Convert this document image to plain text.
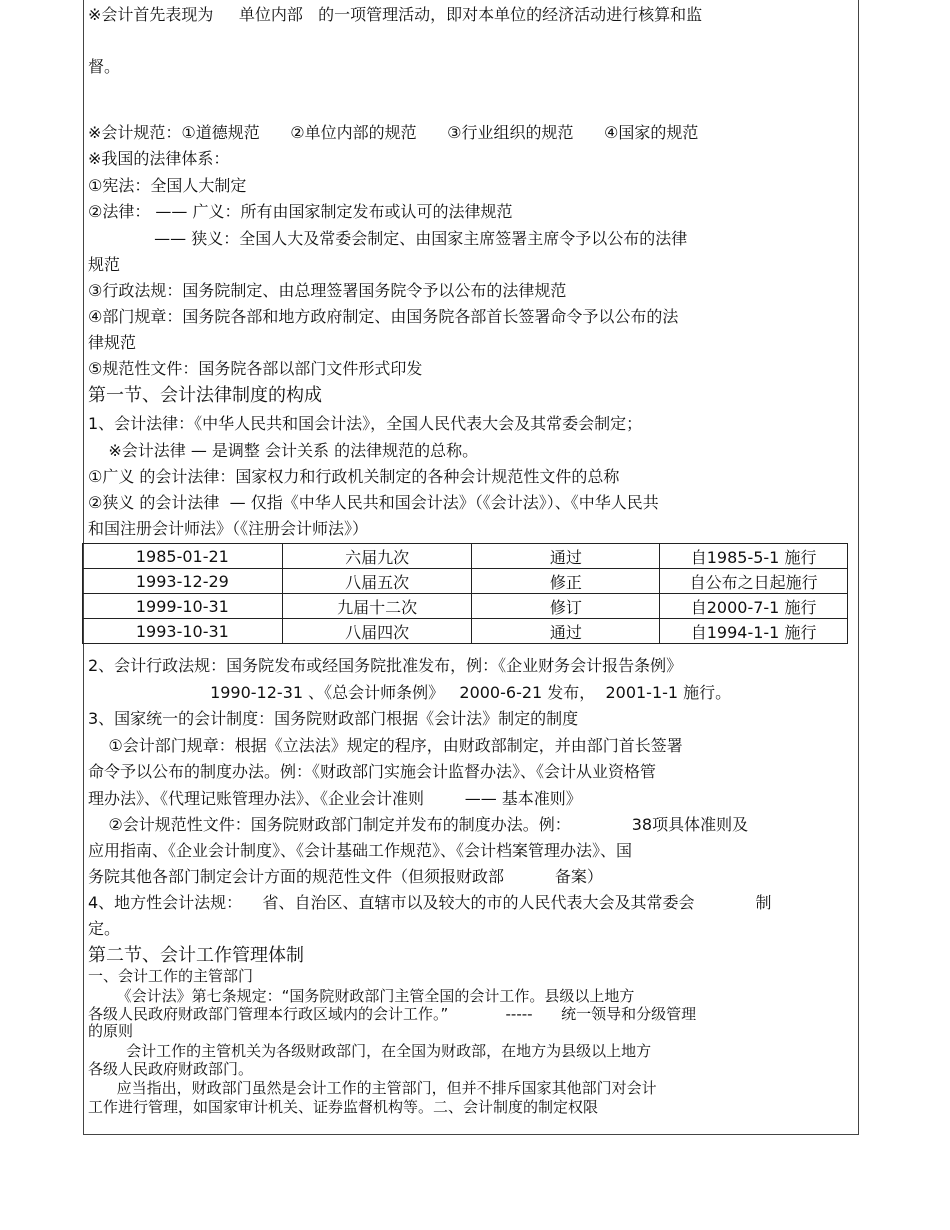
※会计首先表现为     单位内部   的一项管理活动，即对本单位的经济活动进行核算和监
督。
※会计规范：①道德规范      ②单位内部的规范      ③行业组织的规范      ④国家的规范
※我国的法律体系：
①宪法：全国人大制定
②法律： —— 广义：所有由国家制定发布或认可的法律规范
—— 狭义：全国人大及常委会制定、由国家主席签署主席令予以公布的法律
规范
③行政法规：国务院制定、由总理签署国务院令予以公布的法律规范
④部门规章：国务院各部和地方政府制定、由国务院各部首长签署命令予以公布的法
律规范
⑤规范性文件：国务院各部以部门文件形式印发
第一节、会计法律制度的构成
1、会计法律：《中华人民共和国会计法》，全国人民代表大会及其常委会制定；
※会计法律 — 是调整 会计关系 的法律规范的总称。
①广义 的会计法律：国家权力和行政机关制定的各种会计规范性文件的总称
②狭义 的会计法律  — 仅指《中华人民共和国会计法》（《会计法》）、《中华人民共
和国注册会计师法》（《注册会计师法》）
1985-01-21	六届九次	通过	自1985-5-1 施行
1993-12-29	八届五次	修正	自公布之日起施行
1999-10-31	九届十二次	修订	自2000-7-1 施行
1993-10-31	八届四次	通过	自1994-1-1 施行
2、会计行政法规：国务院发布或经国务院批准发布，例：《企业财务会计报告条例》
1990-12-31 、《总会计师条例》   2000-6-21 发布，  2001-1-1 施行。
3、国家统一的会计制度：国务院财政部门根据《会计法》制定的制度
①会计部门规章：根据《立法法》规定的程序，由财政部制定，并由部门首长签署
命令予以公布的制度办法。例：《财政部门实施会计监督办法》、《会计从业资格管
理办法》、《代理记账管理办法》、《企业会计准则        —— 基本准则》
②会计规范性文件：国务院财政部门制定并发布的制度办法。例：            38项具体准则及
应用指南、《企业会计制度》、《会计基础工作规范》、《会计档案管理办法》、国
务院其他各部门制定会计方面的规范性文件（但须报财政部          备案）
4、地方性会计法规：    省、自治区、直辖市以及较大的市的人民代表大会及其常委会            制
定。
第二节、会计工作管理体制
一、会计工作的主管部门
《会计法》第七条规定：“国务院财政部门主管全国的会计工作。县级以上地方
各级人民政府财政部门管理本行政区域内的会计工作。”            -----      统一领导和分级管理
的原则
会计工作的主管机关为各级财政部门，在全国为财政部，在地方为县级以上地方
各级人民政府财政部门。
应当指出，财政部门虽然是会计工作的主管部门，但并不排斥国家其他部门对会计
工作进行管理，如国家审计机关、证券监督机构等。二、会计制度的制定权限
